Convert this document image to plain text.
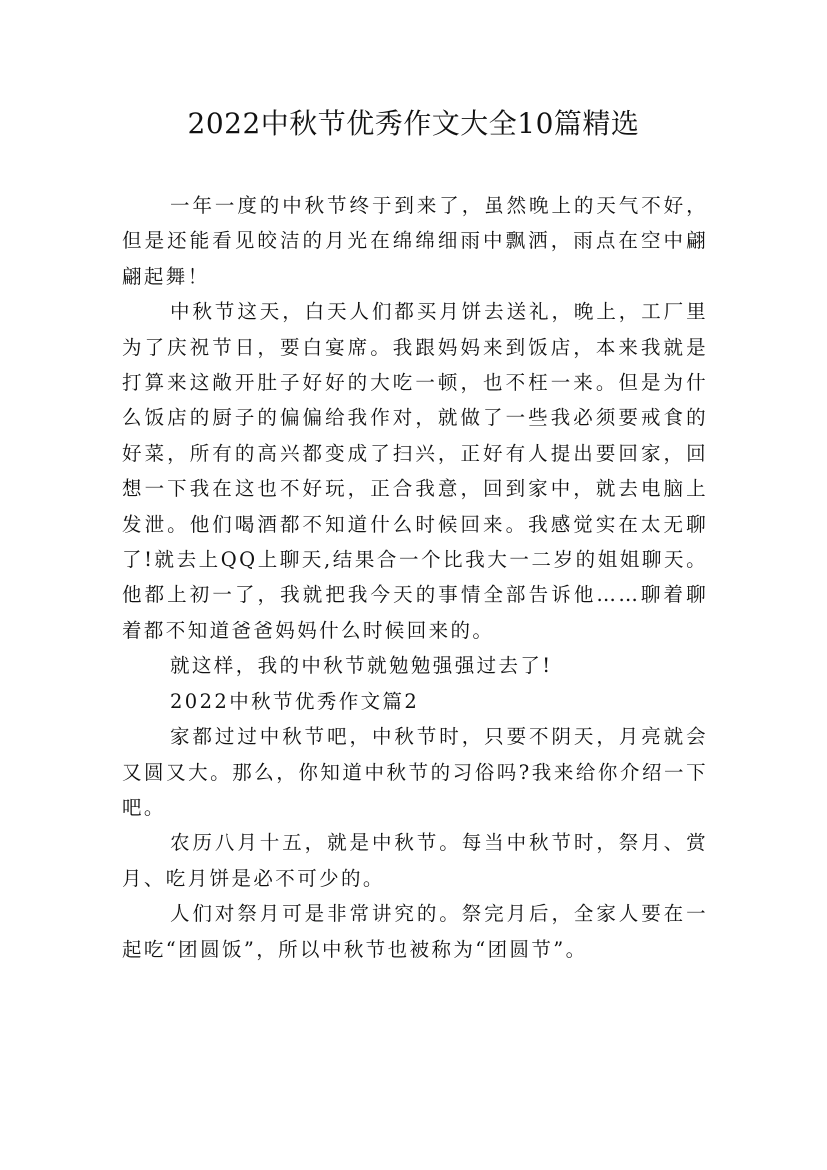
2022中秋节优秀作文大全10篇精选

一年一度的中秋节终于到来了，虽然晚上的天气不好，但是还能看见皎洁的月光在绵绵细雨中飘洒，雨点在空中翩翩起舞！

中秋节这天，白天人们都买月饼去送礼，晚上，工厂里为了庆祝节日，要白宴席。我跟妈妈来到饭店，本来我就是打算来这敞开肚子好好的大吃一顿，也不枉一来。但是为什么饭店的厨子的偏偏给我作对，就做了一些我必须要戒食的好菜，所有的高兴都变成了扫兴，正好有人提出要回家，回想一下我在这也不好玩，正合我意，回到家中，就去电脑上发泄。他们喝酒都不知道什么时候回来。我感觉实在太无聊了!就去上QQ上聊天,结果合一个比我大一二岁的姐姐聊天。他都上初一了，我就把我今天的事情全部告诉他……聊着聊着都不知道爸爸妈妈什么时候回来的。

就这样，我的中秋节就勉勉强强过去了!

2022中秋节优秀作文篇2

家都过过中秋节吧，中秋节时，只要不阴天，月亮就会又圆又大。那么，你知道中秋节的习俗吗?我来给你介绍一下吧。

农历八月十五，就是中秋节。每当中秋节时，祭月、赏月、吃月饼是必不可少的。

人们对祭月可是非常讲究的。祭完月后，全家人要在一起吃“团圆饭”，所以中秋节也被称为“团圆节”。
